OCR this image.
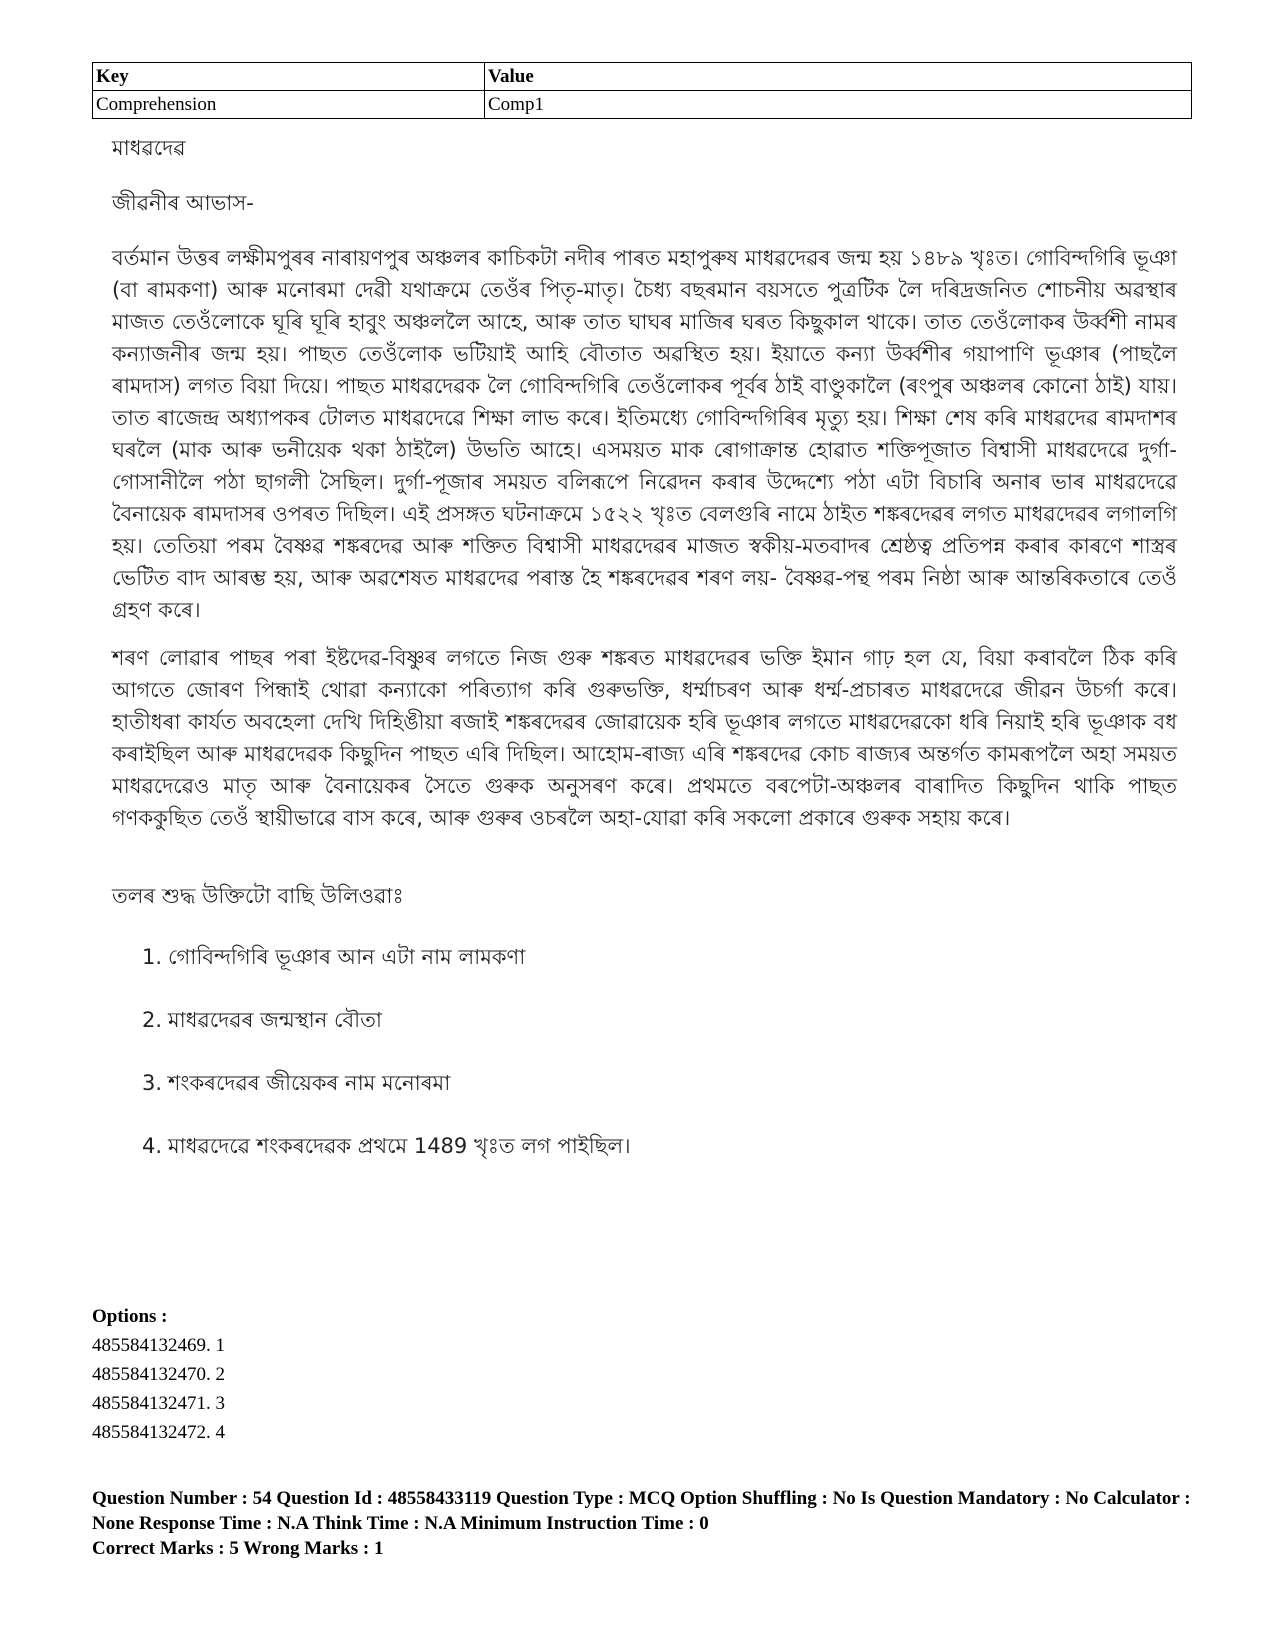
Key	Value
Comprehension	Comp1
মাধৱদেৱ
জীৱনীৰ আভাস-

বৰ্তমান উত্তৰ লক্ষীমপুৰৰ নাৰায়ণপুৰ অঞ্চলৰ কাচিকটা নদীৰ পাৰত মহাপুৰুষ মাধৱদেৱৰ জন্ম হয় ১৪৮৯ খৃঃত। গোবিন্দগিৰি ভূঞা (বা ৰামকণা) আৰু মনোৰমা দেৱী যথাক্ৰমে তেওঁৰ পিতৃ-মাতৃ। চৈধ্য বছৰমান বয়সতে পুত্ৰটিক লৈ দৰিদ্ৰজনিত শোচনীয় অৱস্থাৰ মাজত তেওঁলোকে ঘূৰি ঘূৰি হাবুং অঞ্চললৈ আহে, আৰু তাত ঘাঘৰ মাজিৰ ঘৰত কিছুকাল থাকে। তাত তেওঁলোকৰ উৰ্ব্বশী নামৰ কন্যাজনীৰ জন্ম হয়। পাছত তেওঁলোক ভটিয়াই আহি বৌতাত অৱস্থিত হয়। ইয়াতে কন্যা উৰ্ব্বশীৰ গয়াপাণি ভূঞাৰ (পাছলৈ ৰামদাস) লগত বিয়া দিয়ে। পাছত মাধৱদেৱক লৈ গোবিন্দগিৰি তেওঁলোকৰ পূৰ্বৰ ঠাই বাণ্ডুকালৈ (ৰংপুৰ অঞ্চলৰ কোনো ঠাই) যায়। তাত ৰাজেন্দ্ৰ অধ্যাপকৰ টোলত মাধৱদেৱে শিক্ষা লাভ কৰে। ইতিমধ্যে গোবিন্দগিৰিৰ মৃত্যু হয়। শিক্ষা শেষ কৰি মাধৱদেৱ ৰামদাশৰ ঘৰলৈ (মাক আৰু ভনীয়েক থকা ঠাইলৈ) উভতি আহে। এসময়ত মাক ৰোগাক্ৰান্ত হোৱাত শক্তিপূজাত বিশ্বাসী মাধৱদেৱে দুৰ্গা-গোসানীলৈ পঠা ছাগলী সৈছিল। দুৰ্গা-পূজাৰ সময়ত বলিৰূপে নিৱেদন কৰাৰ উদ্দেশ্যে পঠা এটা বিচাৰি অনাৰ ভাৰ মাধৱদেৱে বৈনায়েক ৰামদাসৰ ওপৰত দিছিল। এই প্ৰসঙ্গত ঘটনাক্ৰমে ১৫২২ খৃঃত বেলগুৰি নামে ঠাইত শঙ্কৰদেৱৰ লগত মাধৱদেৱৰ লগালগি হয়। তেতিয়া পৰম বৈষ্ণৱ শঙ্কৰদেৱ আৰু শক্তিত বিশ্বাসী মাধৱদেৱৰ মাজত স্বকীয়-মতবাদৰ শ্ৰেষ্ঠত্ব প্ৰতিপন্ন কৰাৰ কাৰণে শাস্ত্ৰৰ ভেটিত বাদ আৰম্ভ হয়, আৰু অৱশেষত মাধৱদেৱ পৰাস্ত হৈ শঙ্কৰদেৱৰ শৰণ লয়- বৈষ্ণৱ-পন্থ পৰম নিষ্ঠা আৰু আন্তৰিকতাৰে তেওঁ গ্ৰহণ কৰে।

শৰণ লোৱাৰ পাছৰ পৰা ইষ্টদেৱ-বিষ্ণুৰ লগতে নিজ গুৰু শঙ্কৰত মাধৱদেৱৰ ভক্তি ইমান গাঢ় হল যে, বিয়া কৰাবলৈ ঠিক কৰি আগতে জোৰণ পিন্ধাই থোৱা কন্যাকো পৰিত্যাগ কৰি গুৰুভক্তি, ধৰ্ম্মাচৰণ আৰু ধৰ্ম্ম-প্ৰচাৰত মাধৱদেৱে জীৱন উচৰ্গা কৰে। হাতীধৰা কাৰ্যত অবহেলা দেখি দিহিঙীয়া ৰজাই শঙ্কৰদেৱৰ জোৱায়েক হৰি ভূঞাৰ লগতে মাধৱদেৱকো ধৰি নিয়াই হৰি ভূঞাক বধ কৰাইছিল আৰু মাধৱদেৱক কিছুদিন পাছত এৰি দিছিল। আহোম-ৰাজ্য এৰি শঙ্কৰদেৱ কোচ ৰাজ্যৰ অন্তৰ্গত কামৰূপলৈ অহা সময়ত মাধৱদেৱেও মাতৃ আৰু বৈনায়েকৰ সৈতে গুৰুক অনুসৰণ কৰে। প্ৰথমতে বৰপেটা-অঞ্চলৰ বাৰাদিত কিছুদিন থাকি পাছত গণককুছিত তেওঁ স্থায়ীভাৱে বাস কৰে, আৰু গুৰুৰ ওচৰলৈ অহা-যোৱা কৰি সকলো প্ৰকাৰে গুৰুক সহায় কৰে।

তলৰ শুদ্ধ উক্তিটো বাছি উলিওৱাঃ
1. গোবিন্দগিৰি ভূঞাৰ আন এটা নাম লামকণা
2. মাধৱদেৱৰ জন্মস্থান বৌতা
3. শংকৰদেৱৰ জীয়েকৰ নাম মনোৰমা
4. মাধৱদেৱে শংকৰদেৱক প্ৰথমে 1489 খৃঃত লগ পাইছিল।
Options :
485584132469. 1
485584132470. 2
485584132471. 3
485584132472. 4
Question Number : 54 Question Id : 48558433119 Question Type : MCQ Option Shuffling : No Is Question Mandatory : No Calculator : None Response Time : N.A Think Time : N.A Minimum Instruction Time : 0
Correct Marks : 5 Wrong Marks : 1
